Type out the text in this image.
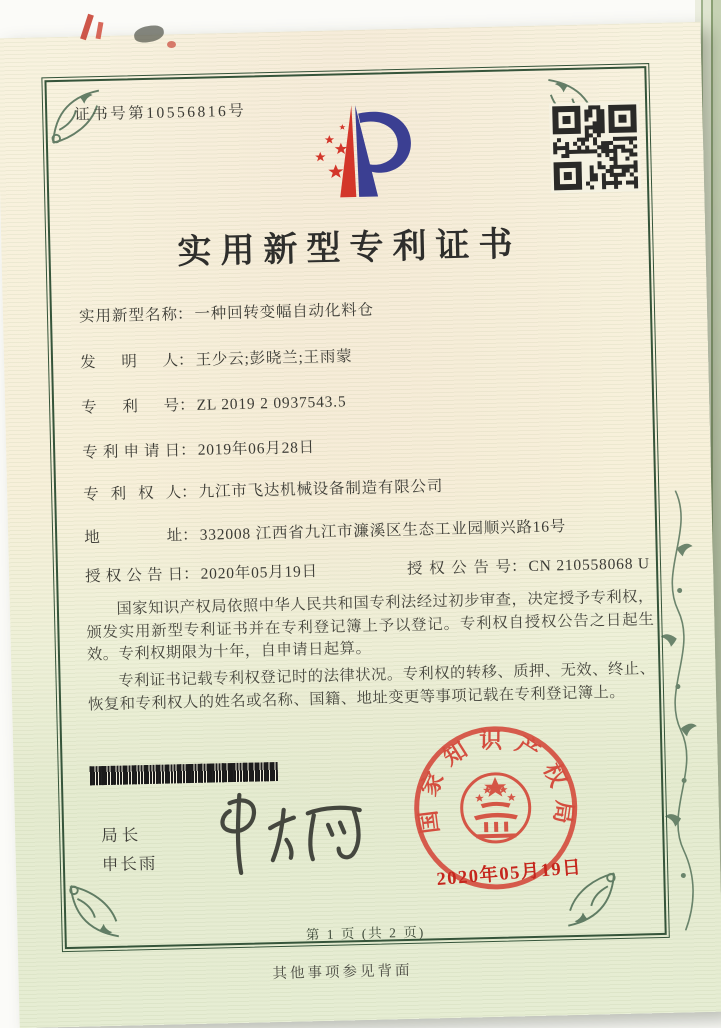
证书号第10556816号
实用新型专利证书
实用新型名称： 一种回转变幅自动化料仓
发明人： 王少云;彭晓兰;王雨蒙
专利号： ZL 2019 2 0937543.5
专利申请日： 2019年06月28日
专利权人： 九江市飞达机械设备制造有限公司
地址： 332008 江西省九江市濂溪区生态工业园顺兴路16号
授权公告日： 2020年05月19日	授权公告号： CN 210558068 U

国家知识产权局依照中华人民共和国专利法经过初步审查，决定授予专利权，颁发实用新型专利证书并在专利登记簿上予以登记。专利权自授权公告之日起生效。专利权期限为十年，自申请日起算。

专利证书记载专利权登记时的法律状况。专利权的转移、质押、无效、终止、恢复和专利权人的姓名或名称、国籍、地址变更等事项记载在专利登记簿上。

局长
申长雨
国家知识产权局
2020年05月19日
第 1 页 (共 2 页)
其他事项参见背面
